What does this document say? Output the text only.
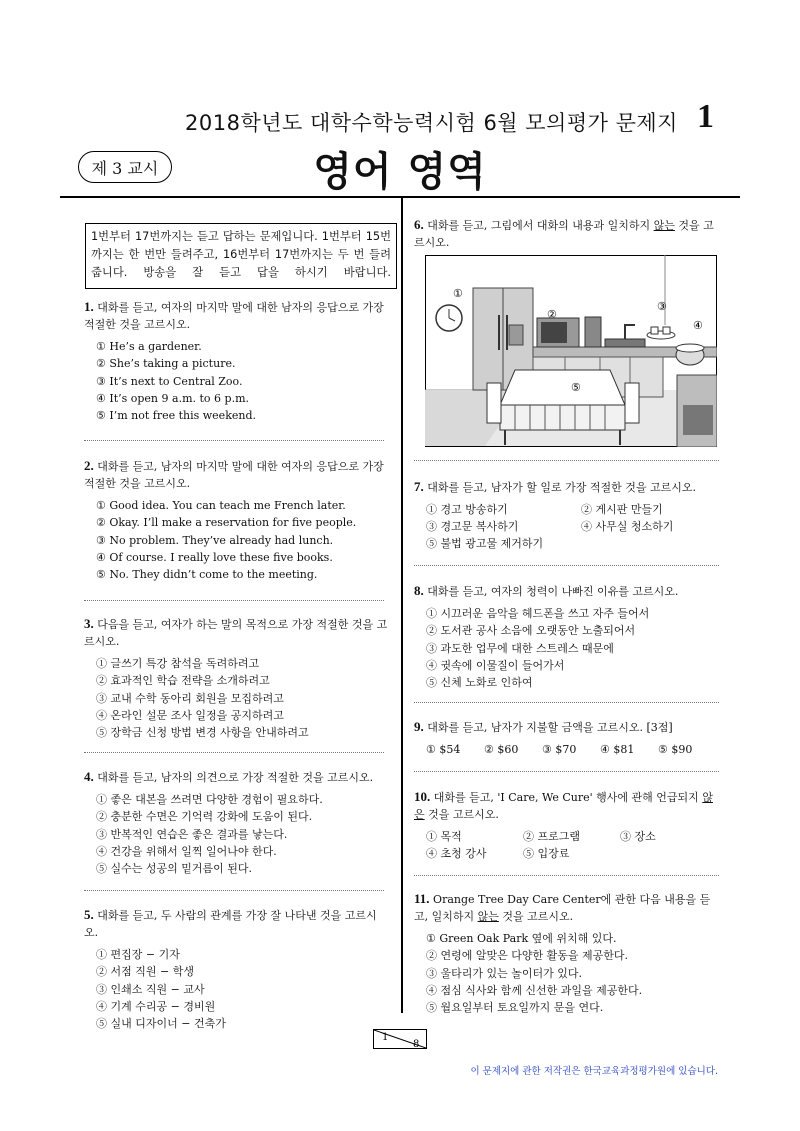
2018학년도 대학수학능력시험 6월 모의평가 문제지 1
제 3 교시	영어 영역
1번부터 17번까지는 듣고 답하는 문제입니다. 1번부터 15번까지는 한 번만 들려주고, 16번부터 17번까지는 두 번 들려줍니다. 방송을 잘 듣고 답을 하시기 바랍니다.
1. 대화를 듣고, 여자의 마지막 말에 대한 남자의 응답으로 가장 적절한 것을 고르시오.
① He’s a gardener.
② She’s taking a picture.
③ It’s next to Central Zoo.
④ It’s open 9 a.m. to 6 p.m.
⑤ I’m not free this weekend.
2. 대화를 듣고, 남자의 마지막 말에 대한 여자의 응답으로 가장 적절한 것을 고르시오.
① Good idea. You can teach me French later.
② Okay. I’ll make a reservation for five people.
③ No problem. They’ve already had lunch.
④ Of course. I really love these five books.
⑤ No. They didn’t come to the meeting.
3. 다음을 듣고, 여자가 하는 말의 목적으로 가장 적절한 것을 고르시오.
① 글쓰기 특강 참석을 독려하려고
② 효과적인 학습 전략을 소개하려고
③ 교내 수학 동아리 회원을 모집하려고
④ 온라인 설문 조사 일정을 공지하려고
⑤ 장학금 신청 방법 변경 사항을 안내하려고
4. 대화를 듣고, 남자의 의견으로 가장 적절한 것을 고르시오.
① 좋은 대본을 쓰려면 다양한 경험이 필요하다.
② 충분한 수면은 기억력 강화에 도움이 된다.
③ 반복적인 연습은 좋은 결과를 낳는다.
④ 건강을 위해서 일찍 일어나야 한다.
⑤ 실수는 성공의 밑거름이 된다.
5. 대화를 듣고, 두 사람의 관계를 가장 잘 나타낸 것을 고르시오.
① 편집장 − 기자
② 서점 직원 − 학생
③ 인쇄소 직원 − 교사
④ 기계 수리공 − 경비원
⑤ 실내 디자이너 − 건축가
6. 대화를 듣고, 그림에서 대화의 내용과 일치하지 않는 것을 고르시오.
①
②
③
④
⑤
7. 대화를 듣고, 남자가 할 일로 가장 적절한 것을 고르시오.
① 경고 방송하기	② 게시판 만들기
③ 경고문 복사하기	④ 사무실 청소하기
⑤ 불법 광고물 제거하기
8. 대화를 듣고, 여자의 청력이 나빠진 이유를 고르시오.
① 시끄러운 음악을 헤드폰을 쓰고 자주 들어서
② 도서관 공사 소음에 오랫동안 노출되어서
③ 과도한 업무에 대한 스트레스 때문에
④ 귓속에 이물질이 들어가서
⑤ 신체 노화로 인하여
9. 대화를 듣고, 남자가 지불할 금액을 고르시오. [3점]
① $54	② $60	③ $70	④ $81	⑤ $90
10. 대화를 듣고, 'I Care, We Cure' 행사에 관해 언급되지 않은 것을 고르시오.
① 목적	② 프로그램	③ 장소
④ 초청 강사	⑤ 입장료
11. Orange Tree Day Care Center에 관한 다음 내용을 듣고, 일치하지 않는 것을 고르시오.
① Green Oak Park 옆에 위치해 있다.
② 연령에 알맞은 다양한 활동을 제공한다.
③ 울타리가 있는 놀이터가 있다.
④ 점심 식사와 함께 신선한 과일을 제공한다.
⑤ 월요일부터 토요일까지 문을 연다.
1
8
이 문제지에 관한 저작권은 한국교육과정평가원에 있습니다.
